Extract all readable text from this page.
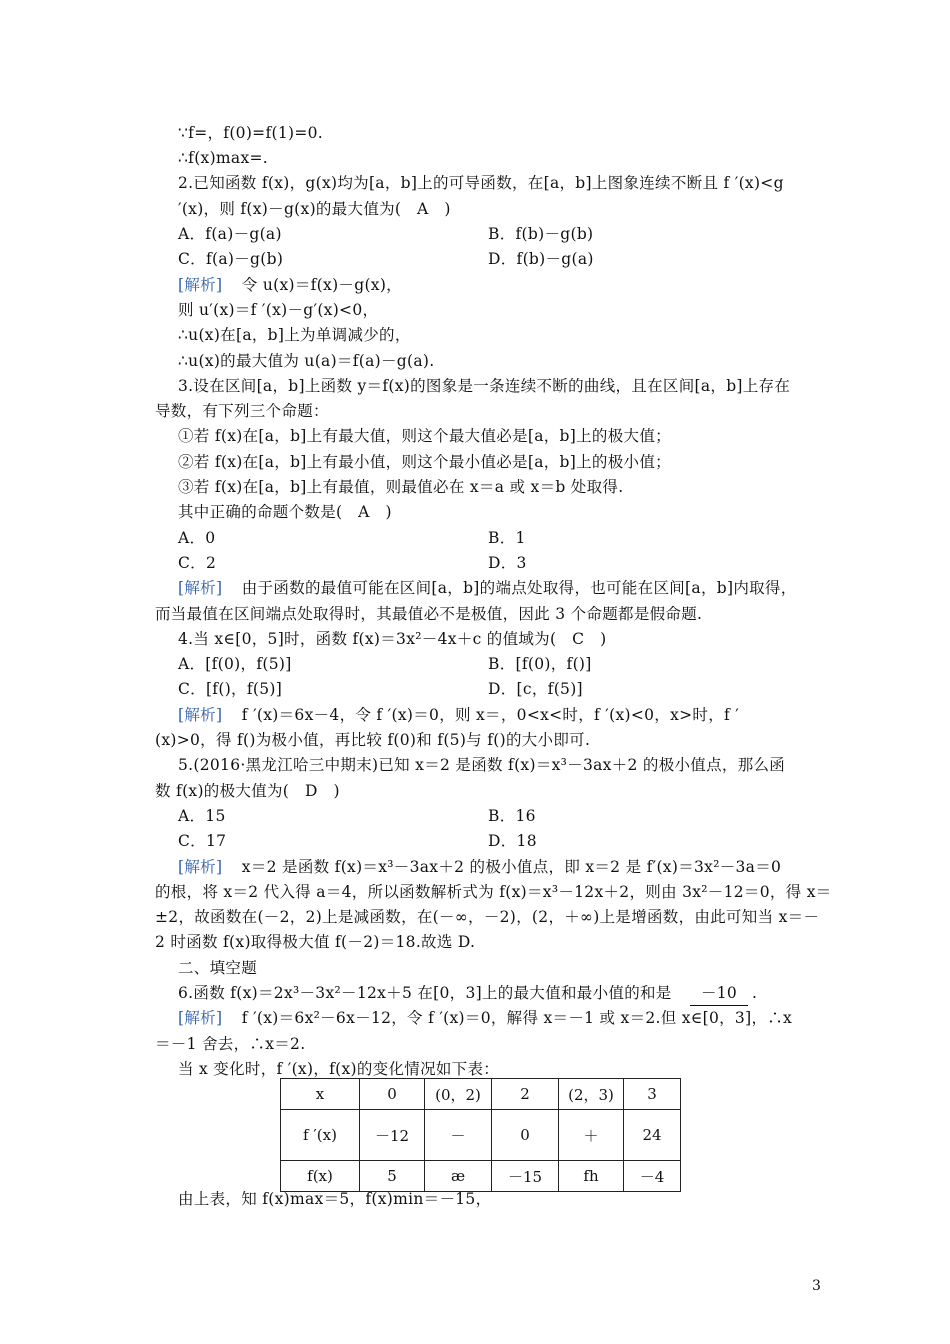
∵f=，f(0)=f(1)=0.
∴f(x)max=.
2.已知函数 f(x)，g(x)均为[a，b]上的可导函数，在[a，b]上图象连续不断且 f ′(x)<g
′(x)，则 f(x)－g(x)的最大值为(　A　)
A．f(a)－g(a)	B．f(b)－g(b)
C．f(a)－g(b)	D．f(b)－g(a)
[解析] 　令 u(x)＝f(x)－g(x)，
则 u′(x)＝f ′(x)－g′(x)<0，
∴u(x)在[a，b]上为单调减少的，
∴u(x)的最大值为 u(a)＝f(a)－g(a).
3.设在区间[a，b]上函数 y＝f(x)的图象是一条连续不断的曲线，且在区间[a，b]上存在
导数，有下列三个命题：
①若 f(x)在[a，b]上有最大值，则这个最大值必是[a，b]上的极大值；
②若 f(x)在[a，b]上有最小值，则这个最小值必是[a，b]上的极小值；
③若 f(x)在[a，b]上有最值，则最值必在 x＝a 或 x＝b 处取得.
其中正确的命题个数是(　A　)
A．0	B．1
C．2	D．3
[解析] 　由于函数的最值可能在区间[a，b]的端点处取得，也可能在区间[a，b]内取得，
而当最值在区间端点处取得时，其最值必不是极值，因此 3 个命题都是假命题.
4.当 x∈[0，5]时，函数 f(x)＝3x²－4x＋c 的值域为(　C　)
A．[f(0)，f(5)]	B．[f(0)，f()]
C．[f()，f(5)]	D．[c，f(5)]
[解析] 　f ′(x)＝6x－4，令 f ′(x)＝0，则 x＝，0<x<时，f ′(x)<0，x>时，f ′
(x)>0，得 f()为极小值，再比较 f(0)和 f(5)与 f()的大小即可.
5.(2016·黑龙江哈三中期末)已知 x＝2 是函数 f(x)＝x³－3ax＋2 的极小值点，那么函
数 f(x)的极大值为(　D　)
A．15	B．16
C．17	D．18
[解析] 　x＝2 是函数 f(x)＝x³－3ax＋2 的极小值点，即 x＝2 是 f′(x)＝3x²－3a＝0
的根，将 x＝2 代入得 a＝4，所以函数解析式为 f(x)＝x³－12x＋2，则由 3x²－12＝0，得 x＝
±2，故函数在(－2，2)上是减函数，在(－∞，－2)，(2，＋∞)上是增函数，由此可知当 x＝－
2 时函数 f(x)取得极大值 f(－2)＝18.故选 D.
二、填空题
6.函数 f(x)＝2x³－3x²－12x＋5 在[0，3]上的最大值和最小值的和是	－10 .
[解析] 　f ′(x)＝6x²－6x－12，令 f ′(x)＝0，解得 x＝－1 或 x＝2.但 x∈[0，3]，∴x
＝－1 舍去，∴x＝2.
当 x 变化时，f ′(x)，f(x)的变化情况如下表：
x	0	(0，2)	2	(2，3)	3
f ′(x)	－12	－	0	＋	24
f(x)	5	æ	－15	fh	－4
由上表，知 f(x)max＝5，f(x)min＝－15，
3
